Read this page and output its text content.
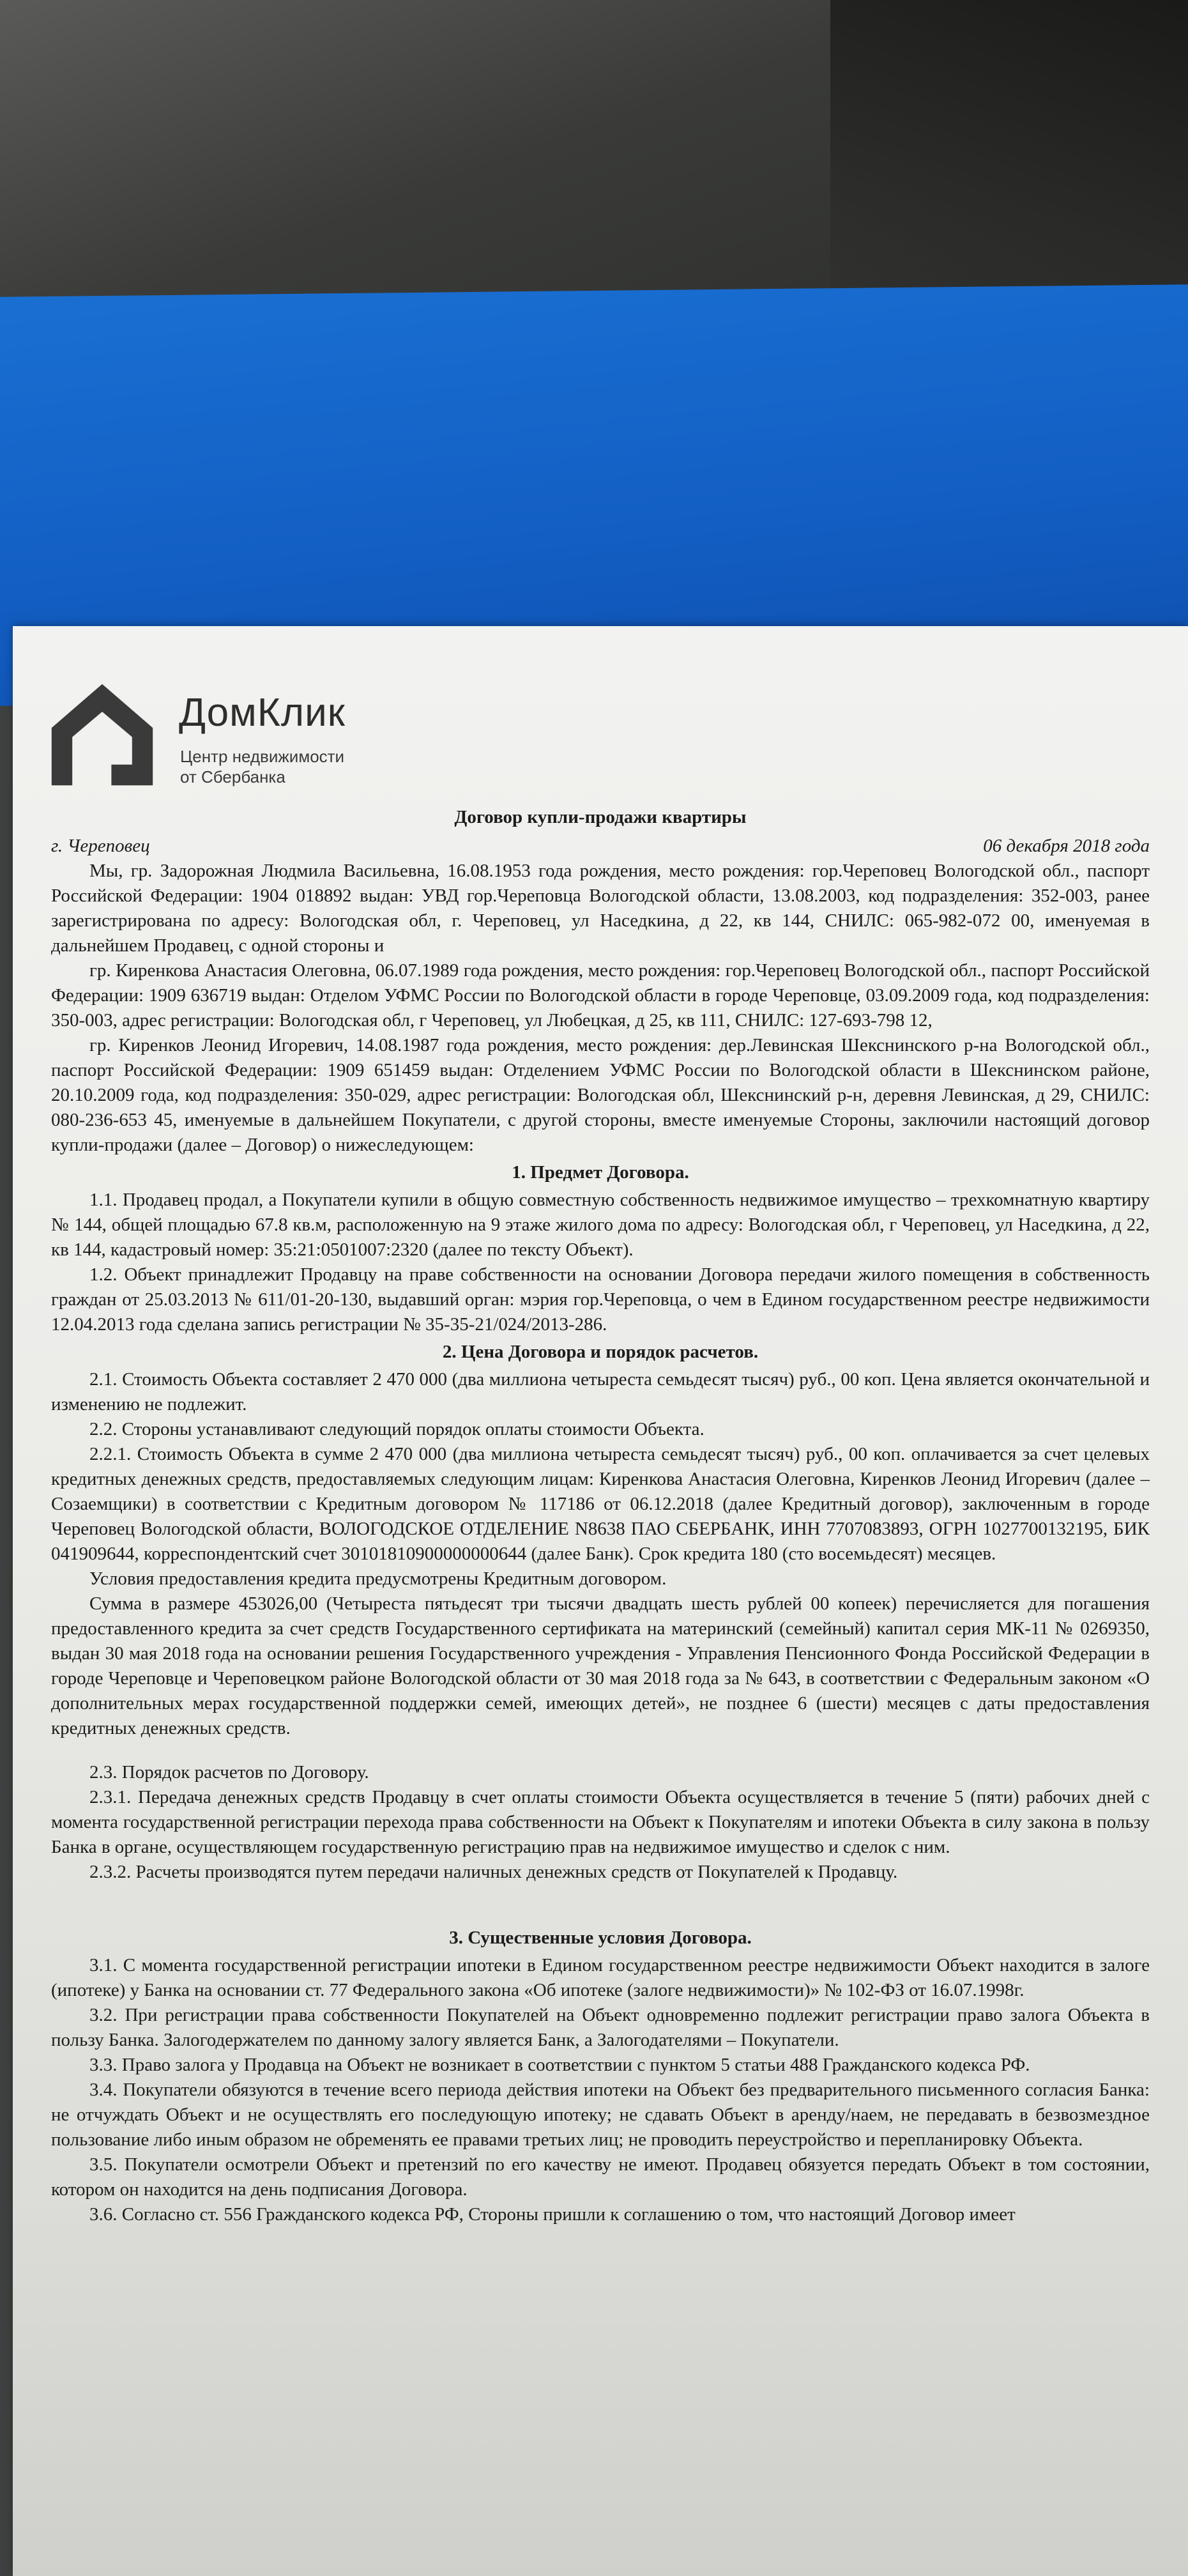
ДомКлик
Центр недвижимости
от Сбербанка
Договор купли-продажи квартиры
г. Череповец	06 декабря 2018 года

Мы, гр. Задорожная Людмила Васильевна, 16.08.1953 года рождения, место рождения: гор.Череповец Вологодской обл., паспорт Российской Федерации: 1904 018892 выдан: УВД гор.Череповца Вологодской области, 13.08.2003, код подразделения: 352-003, ранее зарегистрирована по адресу: Вологодская обл, г. Череповец, ул Наседкина, д 22, кв 144, СНИЛС: 065-982-072 00, именуемая в дальнейшем Продавец, с одной стороны и

гр. Киренкова Анастасия Олеговна, 06.07.1989 года рождения, место рождения: гор.Череповец Вологодской обл., паспорт Российской Федерации: 1909 636719 выдан: Отделом УФМС России по Вологодской области в городе Череповце, 03.09.2009 года, код подразделения: 350-003, адрес регистрации: Вологодская обл, г Череповец, ул Любецкая, д 25, кв 111, СНИЛС: 127-693-798 12,

гр. Киренков Леонид Игоревич, 14.08.1987 года рождения, место рождения: дер.Левинская Шекснинского р-на Вологодской обл., паспорт Российской Федерации: 1909 651459 выдан: Отделением УФМС России по Вологодской области в Шекснинском районе, 20.10.2009 года, код подразделения: 350-029, адрес регистрации: Вологодская обл, Шекснинский р-н, деревня Левинская, д 29, СНИЛС: 080-236-653 45, именуемые в дальнейшем Покупатели, с другой стороны, вместе именуемые Стороны, заключили настоящий договор купли-продажи (далее – Договор) о нижеследующем:

1. Предмет Договора.

1.1. Продавец продал, а Покупатели купили в общую совместную собственность недвижимое имущество – трехкомнатную квартиру № 144, общей площадью 67.8 кв.м, расположенную на 9 этаже жилого дома по адресу: Вологодская обл, г Череповец, ул Наседкина, д 22, кв 144, кадастровый номер: 35:21:0501007:2320 (далее по тексту Объект).

1.2. Объект принадлежит Продавцу на праве собственности на основании Договора передачи жилого помещения в собственность граждан от 25.03.2013 № 611/01-20-130, выдавший орган: мэрия гор.Череповца, о чем в Едином государственном реестре недвижимости 12.04.2013 года сделана запись регистрации № 35-35-21/024/2013-286.

2. Цена Договора и порядок расчетов.

2.1. Стоимость Объекта составляет 2 470 000 (два миллиона четыреста семьдесят тысяч) руб., 00 коп. Цена является окончательной и изменению не подлежит.

2.2. Стороны устанавливают следующий порядок оплаты стоимости Объекта.

2.2.1. Стоимость Объекта в сумме 2 470 000 (два миллиона четыреста семьдесят тысяч) руб., 00 коп. оплачивается за счет целевых кредитных денежных средств, предоставляемых следующим лицам: Киренкова Анастасия Олеговна, Киренков Леонид Игоревич (далее – Созаемщики) в соответствии с Кредитным договором № 117186 от 06.12.2018 (далее Кредитный договор), заключенным в городе Череповец Вологодской области, ВОЛОГОДСКОЕ ОТДЕЛЕНИЕ N8638 ПАО СБЕРБАНК, ИНН 7707083893, ОГРН 1027700132195, БИК 041909644, корреспондентский счет 30101810900000000644 (далее Банк). Срок кредита 180 (сто восемьдесят) месяцев.

Условия предоставления кредита предусмотрены Кредитным договором.

Сумма в размере 453026,00 (Четыреста пятьдесят три тысячи двадцать шесть рублей 00 копеек) перечисляется для погашения предоставленного кредита за счет средств Государственного сертификата на материнский (семейный) капитал серия МК-11 № 0269350, выдан 30 мая 2018 года на основании решения Государственного учреждения - Управления Пенсионного Фонда Российской Федерации в городе Череповце и Череповецком районе Вологодской области от 30 мая 2018 года за № 643, в соответствии с Федеральным законом «О дополнительных мерах государственной поддержки семей, имеющих детей», не позднее 6 (шести) месяцев с даты предоставления кредитных денежных средств.

2.3. Порядок расчетов по Договору.

2.3.1. Передача денежных средств Продавцу в счет оплаты стоимости Объекта осуществляется в течение 5 (пяти) рабочих дней с момента государственной регистрации перехода права собственности на Объект к Покупателям и ипотеки Объекта в силу закона в пользу Банка в органе, осуществляющем государственную регистрацию прав на недвижимое имущество и сделок с ним.

2.3.2. Расчеты производятся путем передачи наличных денежных средств от Покупателей к Продавцу.

3. Существенные условия Договора.

3.1. С момента государственной регистрации ипотеки в Едином государственном реестре недвижимости Объект находится в залоге (ипотеке) у Банка на основании ст. 77 Федерального закона «Об ипотеке (залоге недвижимости)» № 102-ФЗ от 16.07.1998г.

3.2. При регистрации права собственности Покупателей на Объект одновременно подлежит регистрации право залога Объекта в пользу Банка. Залогодержателем по данному залогу является Банк, а Залогодателями – Покупатели.

3.3. Право залога у Продавца на Объект не возникает в соответствии с пунктом 5 статьи 488 Гражданского кодекса РФ.

3.4. Покупатели обязуются в течение всего периода действия ипотеки на Объект без предварительного письменного согласия Банка: не отчуждать Объект и не осуществлять его последующую ипотеку; не сдавать Объект в аренду/наем, не передавать в безвозмездное пользование либо иным образом не обременять ее правами третьих лиц; не проводить переустройство и перепланировку Объекта.

3.5. Покупатели осмотрели Объект и претензий по его качеству не имеют. Продавец обязуется передать Объект в том состоянии, котором он находится на день подписания Договора.

3.6. Согласно ст. 556 Гражданского кодекса РФ, Стороны пришли к соглашению о том, что настоящий Договор имеет
